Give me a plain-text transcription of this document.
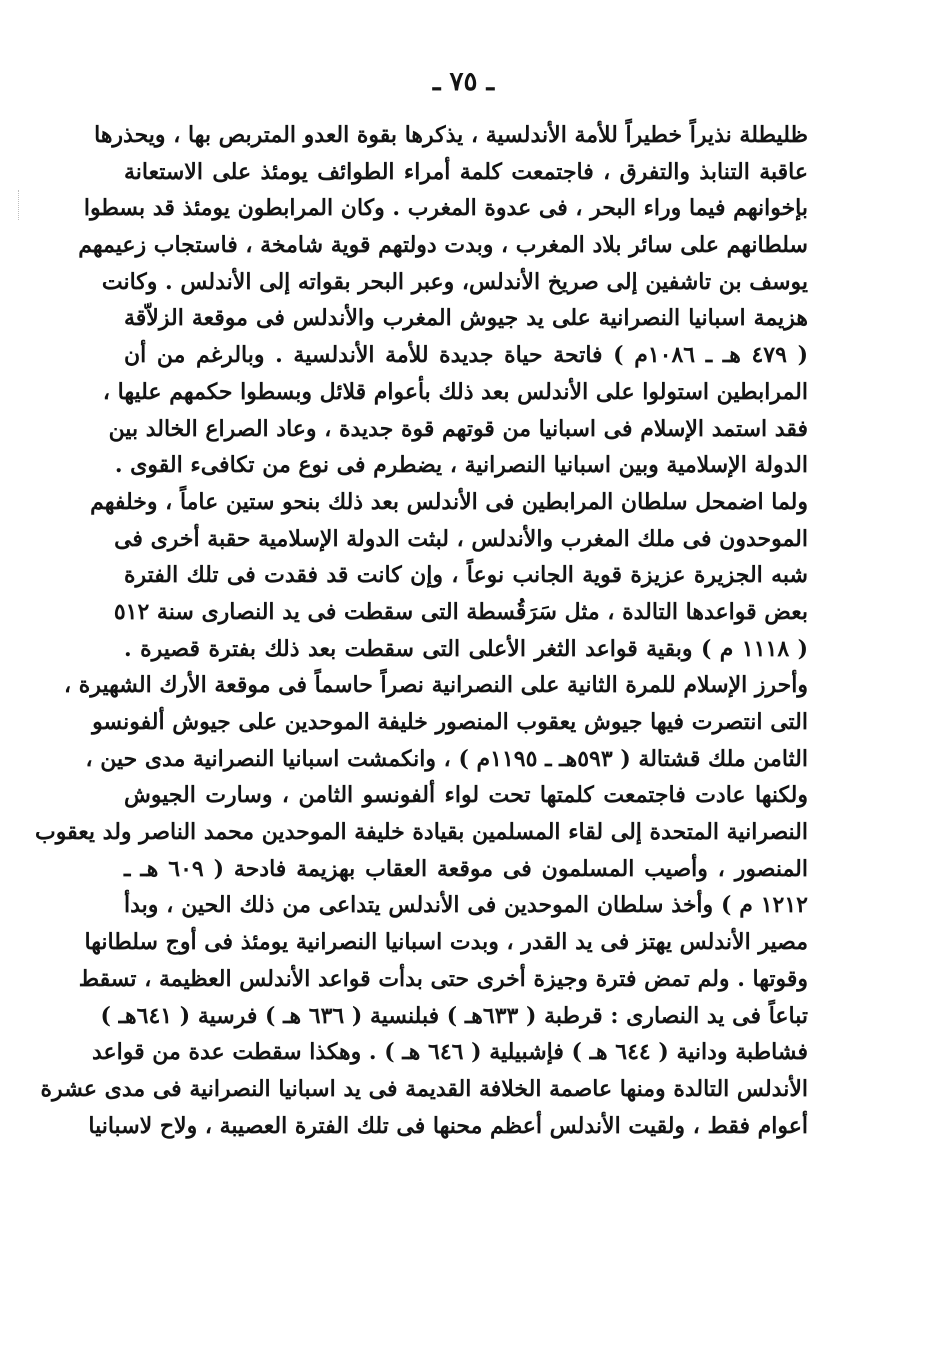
ـ ٧٥ ـ
ظليطلة نذيراً خطيراً للأمة الأندلسية ، يذكرها بقوة العدو المتربص بها ، ويحذرها
عاقبة التنابذ والتفرق ، فاجتمعت كلمة أمراء الطوائف يومئذ على الاستعانة
بإخوانهم فيما وراء البحر ، فى عدوة المغرب . وكان المرابطون يومئذ قد بسطوا
سلطانهم على سائر بلاد المغرب ، وبدت دولتهم قوية شامخة ، فاستجاب زعيمهم
يوسف بن تاشفين إلى صريخ الأندلس، وعبر البحر بقواته إلى الأندلس . وكانت
هزيمة اسبانيا النصرانية على يد جيوش المغرب والأندلس فى موقعة الزلاّقة
( ٤٧٩ هـ ـ ١٠٨٦م ) فاتحة حياة جديدة للأمة الأندلسية . وبالرغم من أن
المرابطين استولوا على الأندلس بعد ذلك بأعوام قلائل وبسطوا حكمهم عليها ،
فقد استمد الإسلام فى اسبانيا من قوتهم قوة جديدة ، وعاد الصراع الخالد بين
الدولة الإسلامية وبين اسبانيا النصرانية ، يضطرم فى نوع من تكافىء القوى .
ولما اضمحل سلطان المرابطين فى الأندلس بعد ذلك بنحو ستين عاماً ، وخلفهم
الموحدون فى ملك المغرب والأندلس ، لبثت الدولة الإسلامية حقبة أخرى فى
شبه الجزيرة عزيزة قوية الجانب نوعاً ، وإن كانت قد فقدت فى تلك الفترة
بعض قواعدها التالدة ، مثل سَرَقُسطة التى سقطت فى يد النصارى سنة ٥١٢
( ١١١٨ م ) وبقية قواعد الثغر الأعلى التى سقطت بعد ذلك بفترة قصيرة .
وأحرز الإسلام للمرة الثانية على النصرانية نصراً حاسماً فى موقعة الأرك الشهيرة ،
التى انتصرت فيها جيوش يعقوب المنصور خليفة الموحدين على جيوش ألفونسو
الثامن ملك قشتالة ( ٥٩٣هـ ـ ١١٩٥م ) ، وانكمشت اسبانيا النصرانية مدى حين ،
ولكنها عادت فاجتمعت كلمتها تحت لواء ألفونسو الثامن ، وسارت الجيوش
النصرانية المتحدة إلى لقاء المسلمين بقيادة خليفة الموحدين محمد الناصر ولد يعقوب
المنصور ، وأصيب المسلمون فى موقعة العقاب بهزيمة فادحة ( ٦٠٩ هـ ـ
١٢١٢ م ) وأخذ سلطان الموحدين فى الأندلس يتداعى من ذلك الحين ، وبدأ
مصير الأندلس يهتز فى يد القدر ، وبدت اسبانيا النصرانية يومئذ فى أوج سلطانها
وقوتها . ولم تمض فترة وجيزة أخرى حتى بدأت قواعد الأندلس العظيمة ، تسقط
تباعاً فى يد النصارى : قرطبة ( ٦٣٣هـ ) فبلنسية ( ٦٣٦ هـ ) فرسية ( ٦٤١هـ )
فشاطبة ودانية ( ٦٤٤ هـ ) فإشبيلية ( ٦٤٦ هـ ) . وهكذا سقطت عدة من قواعد
الأندلس التالدة ومنها عاصمة الخلافة القديمة فى يد اسبانيا النصرانية فى مدى عشرة
أعوام فقط ، ولقيت الأندلس أعظم محنها فى تلك الفترة العصيبة ، ولاح لاسبانيا
